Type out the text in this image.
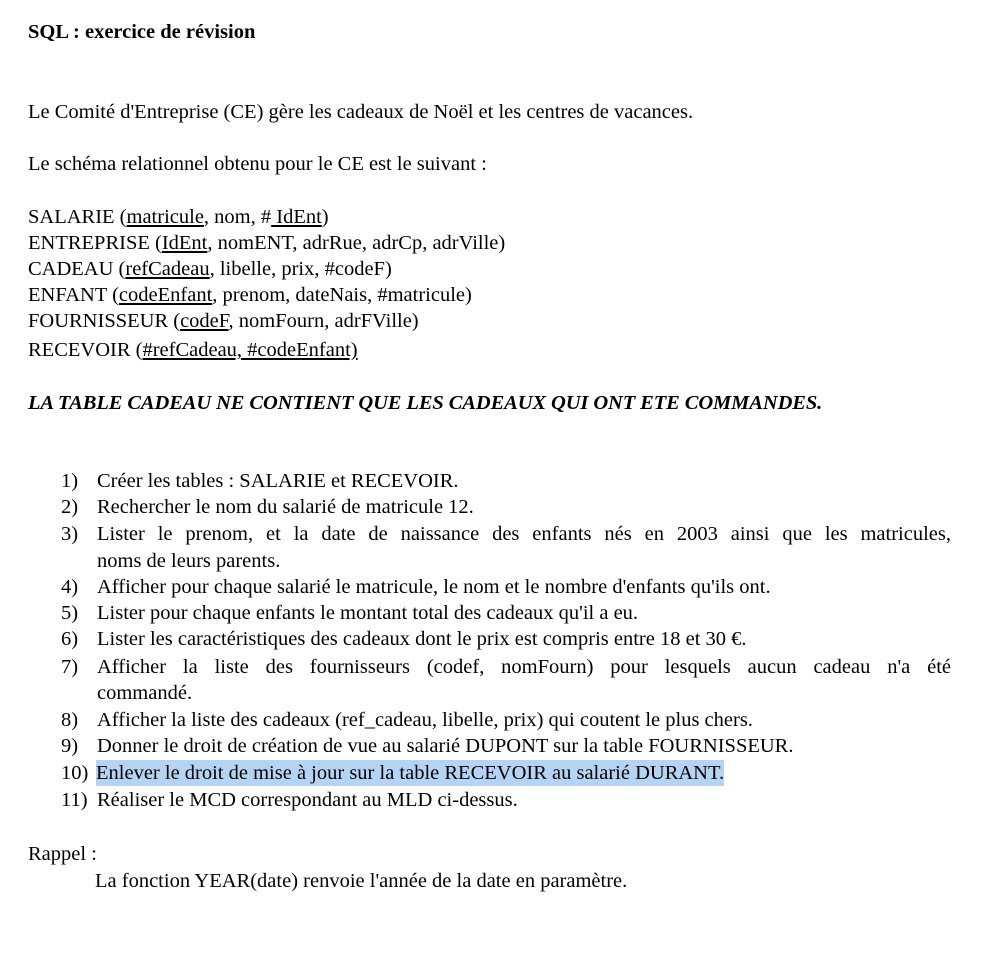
SQL : exercice de révision
Le Comité d'Entreprise (CE) gère les cadeaux de Noël et les centres de vacances.
Le schéma relationnel obtenu pour le CE est le suivant :
SALARIE (matricule, nom, # IdEnt)
ENTREPRISE (IdEnt, nomENT, adrRue, adrCp, adrVille)
CADEAU (refCadeau, libelle, prix, #codeF)
ENFANT (codeEnfant, prenom, dateNais, #matricule)
FOURNISSEUR (codeF, nomFourn, adrFVille)
RECEVOIR (#refCadeau, #codeEnfant)
LA TABLE CADEAU NE CONTIENT QUE LES CADEAUX QUI ONT ETE COMMANDES.
1) Créer les tables : SALARIE et RECEVOIR.
2) Rechercher le nom du salarié de matricule 12.
3) Lister le prenom, et la date de naissance des enfants nés en 2003 ainsi que les matricules,
noms de leurs parents.
4) Afficher pour chaque salarié le matricule, le nom et le nombre d'enfants qu'ils ont.
5) Lister pour chaque enfants le montant total des cadeaux qu'il a eu.
6) Lister les caractéristiques des cadeaux dont le prix est compris entre 18 et 30 €.
7) Afficher la liste des fournisseurs (codef, nomFourn) pour lesquels aucun cadeau n'a été
commandé.
8) Afficher la liste des cadeaux (ref_cadeau, libelle, prix) qui coutent le plus chers.
9) Donner le droit de création de vue au salarié DUPONT sur la table FOURNISSEUR.
10) Enlever le droit de mise à jour sur la table RECEVOIR au salarié DURANT.
11) Réaliser le MCD correspondant au MLD ci-dessus.
Rappel :
La fonction YEAR(date) renvoie l'année de la date en paramètre.
